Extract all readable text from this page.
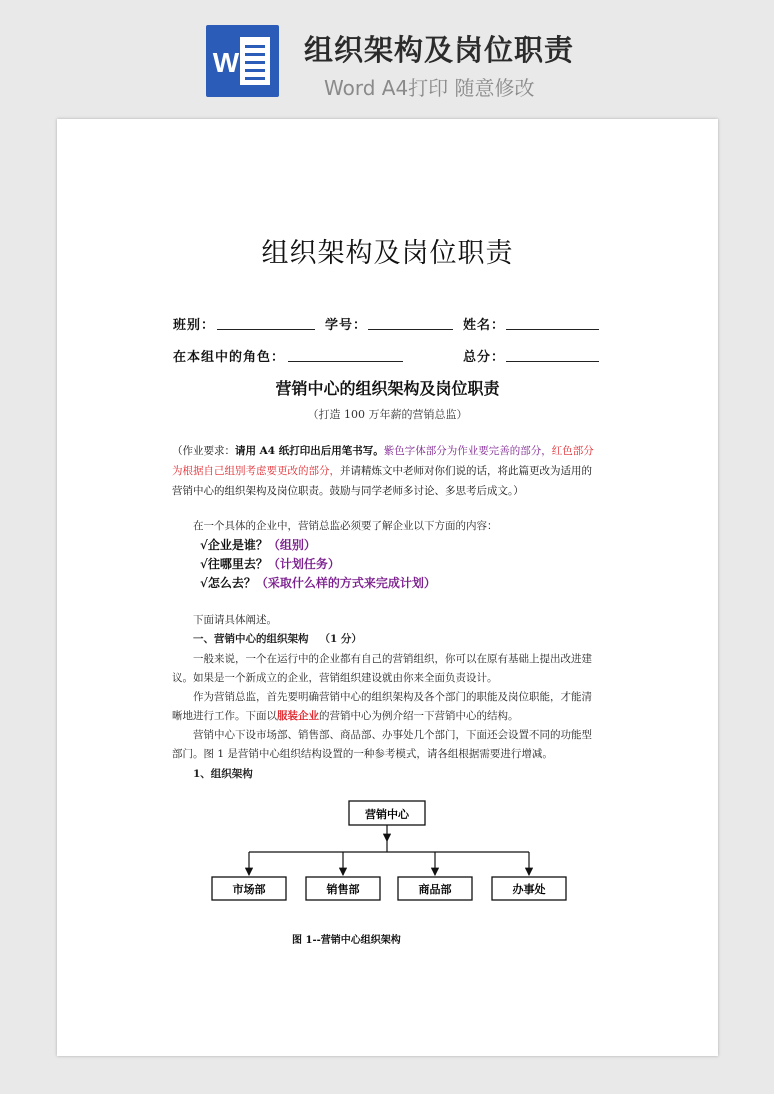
W 组织架构及岗位职责
Word A4打印 随意修改
组织架构及岗位职责
班别：	学号：	姓名：
在本组中的角色：	总分：
营销中心的组织架构及岗位职责
（打造 100 万年薪的营销总监）
（作业要求：请用 A4 纸打印出后用笔书写。紫色字体部分为作业要完善的部分，红色部分为根据自己组别考虑要更改的部分，并请精炼文中老师对你们说的话，将此篇更改为适用的营销中心的组织架构及岗位职责。鼓励与同学老师多讨论、多思考后成文。）
在一个具体的企业中，营销总监必须要了解企业以下方面的内容：
√企业是谁？（组别）
√往哪里去？（计划任务）
√怎么去？（采取什么样的方式来完成计划）
下面请具体阐述。
一、营销中心的组织架构 （1 分）
一般来说，一个在运行中的企业都有自己的营销组织，你可以在原有基础上提出改进建
议。如果是一个新成立的企业，营销组织建设就由你来全面负责设计。
作为营销总监，首先要明确营销中心的组织架构及各个部门的职能及岗位职能，才能清
晰地进行工作。下面以服装企业的营销中心为例介绍一下营销中心的结构。
营销中心下设市场部、销售部、商品部、办事处几个部门，下面还会设置不同的功能型
部门。图 1 是营销中心组织结构设置的一种参考模式，请各组根据需要进行增减。
1、组织架构
营销中心
市场部	销售部	商品部	办事处
图 1--营销中心组织架构
